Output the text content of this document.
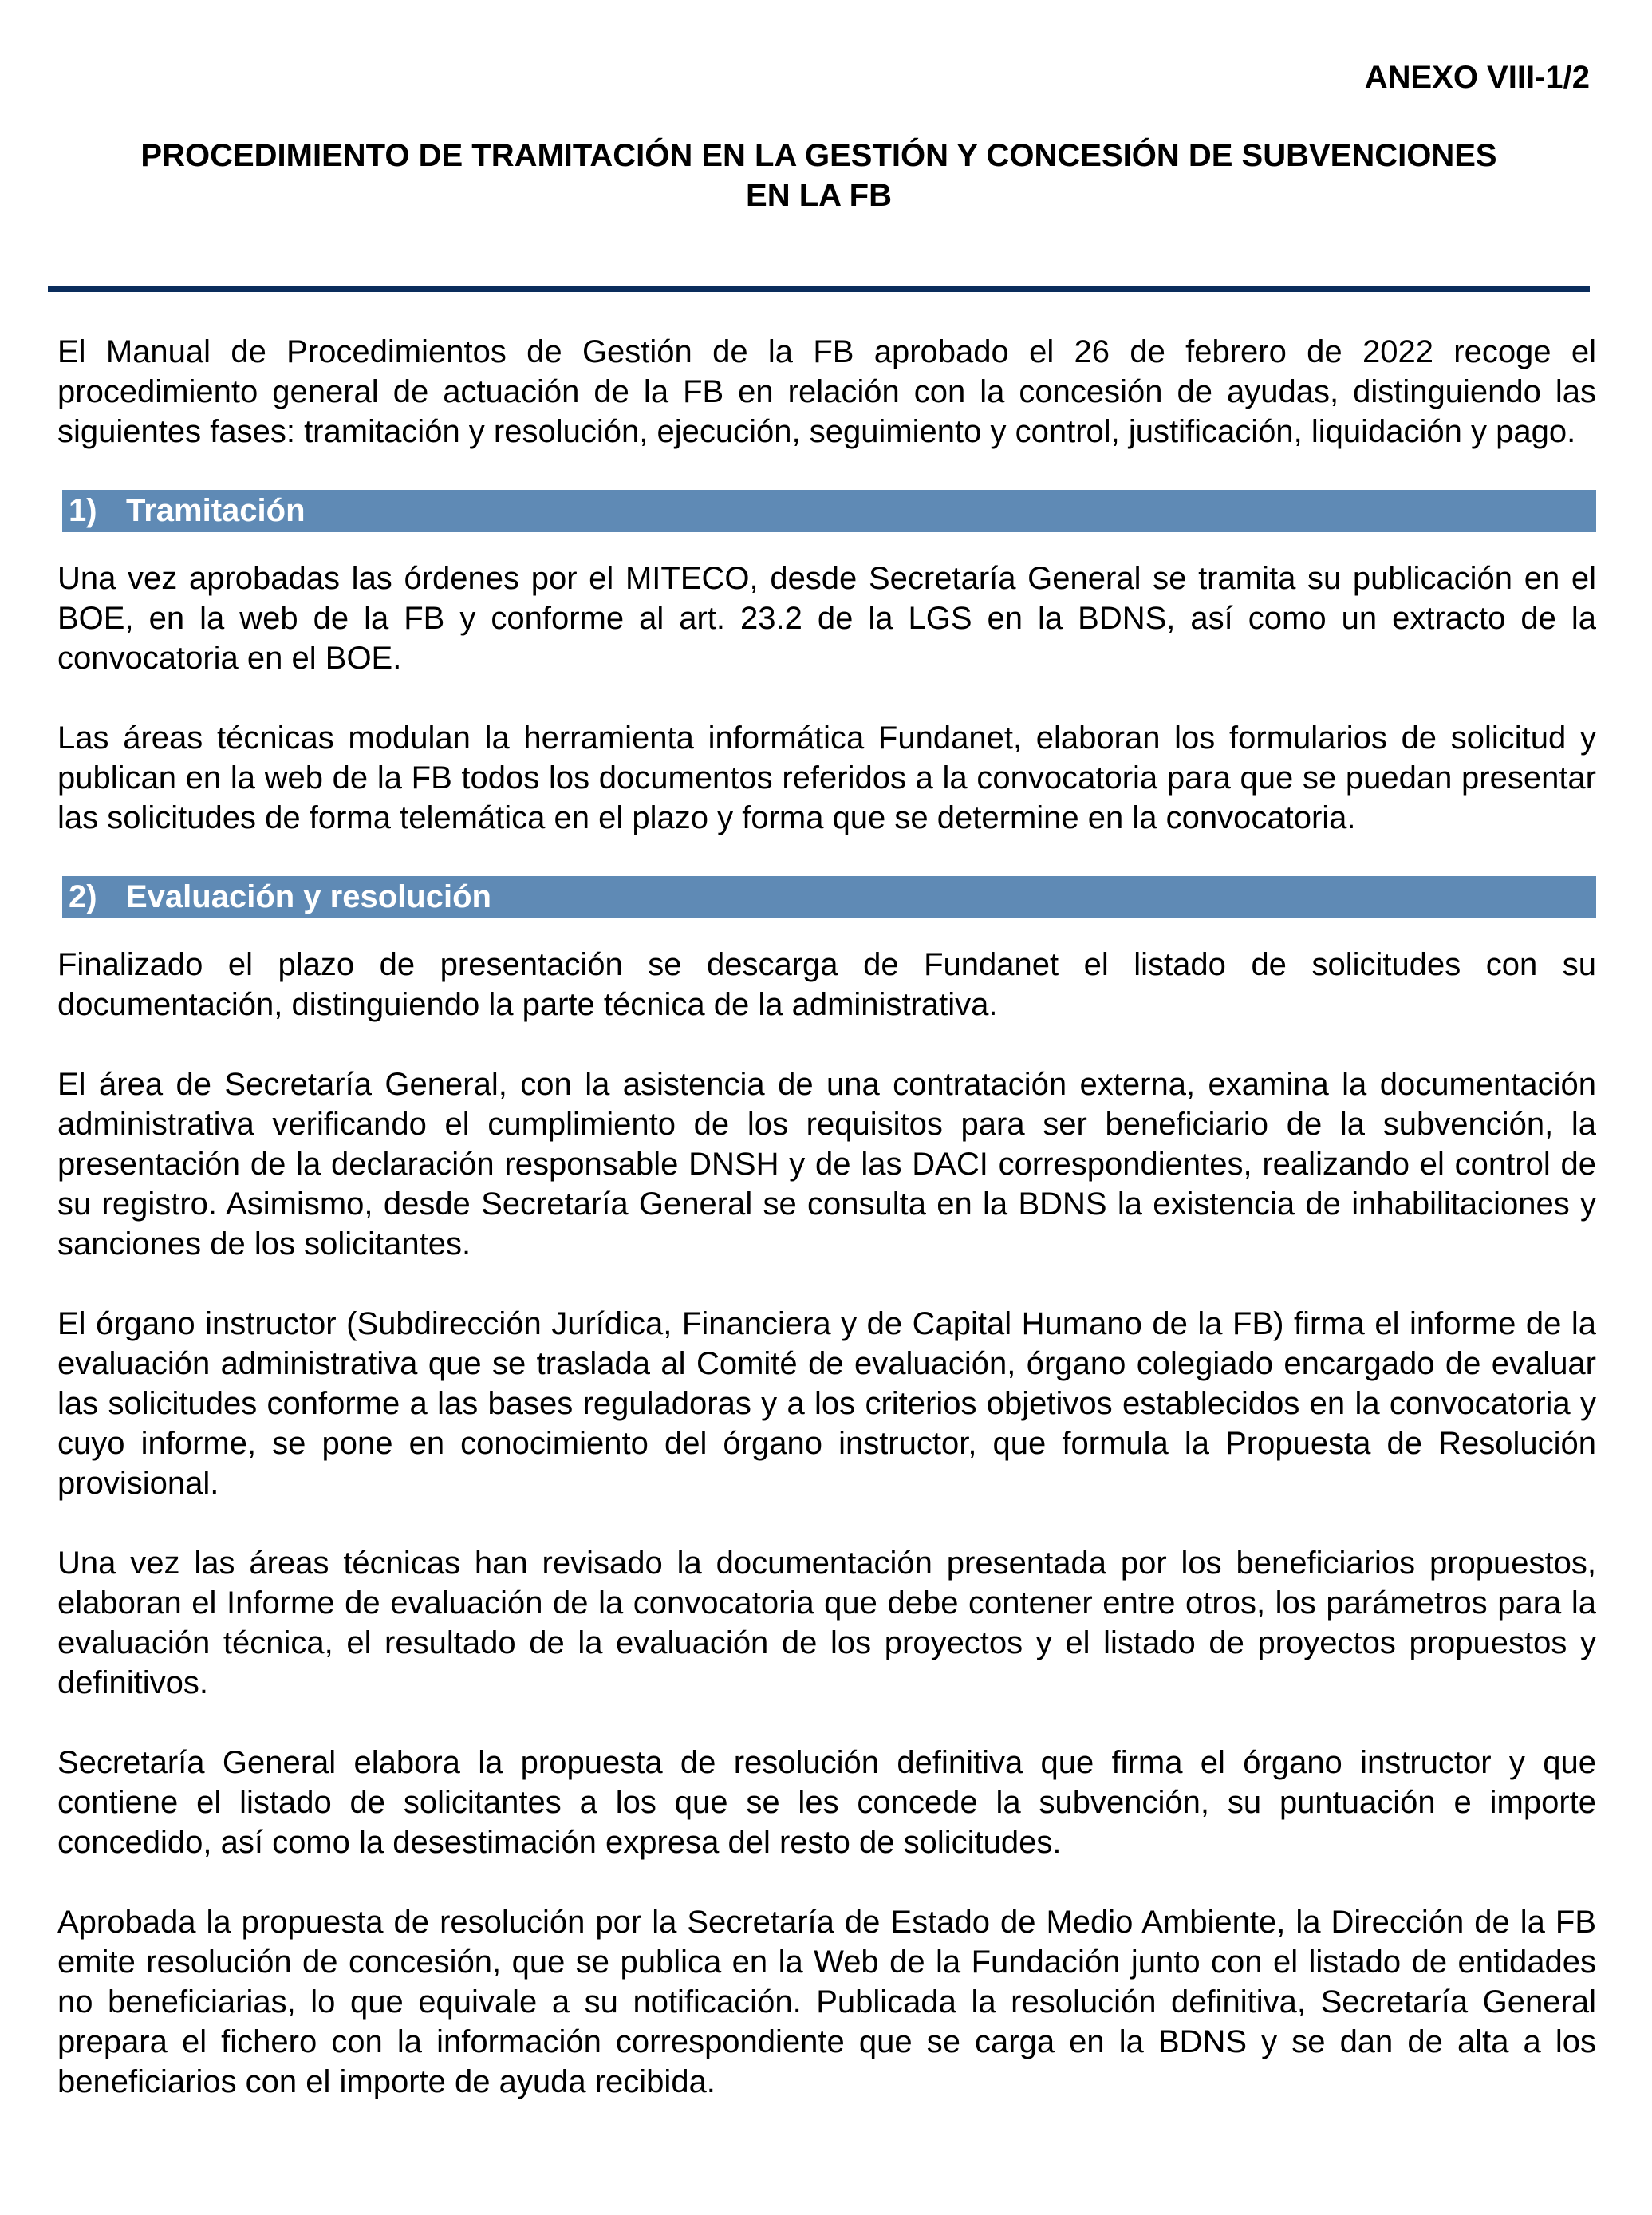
ANEXO VIII-1/2
PROCEDIMIENTO DE TRAMITACIÓN EN LA GESTIÓN Y CONCESIÓN DE SUBVENCIONES
EN LA FB

El Manual de Procedimientos de Gestión de la FB aprobado el 26 de febrero de 2022 recoge el procedimiento general de actuación de la FB en relación con la concesión de ayudas, distinguiendo las siguientes fases: tramitación y resolución, ejecución, seguimiento y control, justificación, liquidación y pago.

1) Tramitación

Una vez aprobadas las órdenes por el MITECO, desde Secretaría General se tramita su publicación en el BOE, en la web de la FB y conforme al art. 23.2 de la LGS en la BDNS, así como un extracto de la convocatoria en el BOE.

Las áreas técnicas modulan la herramienta informática Fundanet, elaboran los formularios de solicitud y publican en la web de la FB todos los documentos referidos a la convocatoria para que se puedan presentar las solicitudes de forma telemática en el plazo y forma que se determine en la convocatoria.

2) Evaluación y resolución

Finalizado el plazo de presentación se descarga de Fundanet el listado de solicitudes con su documentación, distinguiendo la parte técnica de la administrativa.

El área de Secretaría General, con la asistencia de una contratación externa, examina la documentación administrativa verificando el cumplimiento de los requisitos para ser beneficiario de la subvención, la presentación de la declaración responsable DNSH y de las DACI correspondientes, realizando el control de su registro. Asimismo, desde Secretaría General se consulta en la BDNS la existencia de inhabilitaciones y sanciones de los solicitantes.

El órgano instructor (Subdirección Jurídica, Financiera y de Capital Humano de la FB) firma el informe de la evaluación administrativa que se traslada al Comité de evaluación, órgano colegiado encargado de evaluar las solicitudes conforme a las bases reguladoras y a los criterios objetivos establecidos en la convocatoria y cuyo informe, se pone en conocimiento del órgano instructor, que formula la Propuesta de Resolución provisional.

Una vez las áreas técnicas han revisado la documentación presentada por los beneficiarios propuestos, elaboran el Informe de evaluación de la convocatoria que debe contener entre otros, los parámetros para la evaluación técnica, el resultado de la evaluación de los proyectos y el listado de proyectos propuestos y definitivos.

Secretaría General elabora la propuesta de resolución definitiva que firma el órgano instructor y que contiene el listado de solicitantes a los que se les concede la subvención, su puntuación e importe concedido, así como la desestimación expresa del resto de solicitudes.

Aprobada la propuesta de resolución por la Secretaría de Estado de Medio Ambiente, la Dirección de la FB emite resolución de concesión, que se publica en la Web de la Fundación junto con el listado de entidades no beneficiarias, lo que equivale a su notificación. Publicada la resolución definitiva, Secretaría General prepara el fichero con la información correspondiente que se carga en la BDNS y se dan de alta a los beneficiarios con el importe de ayuda recibida.
